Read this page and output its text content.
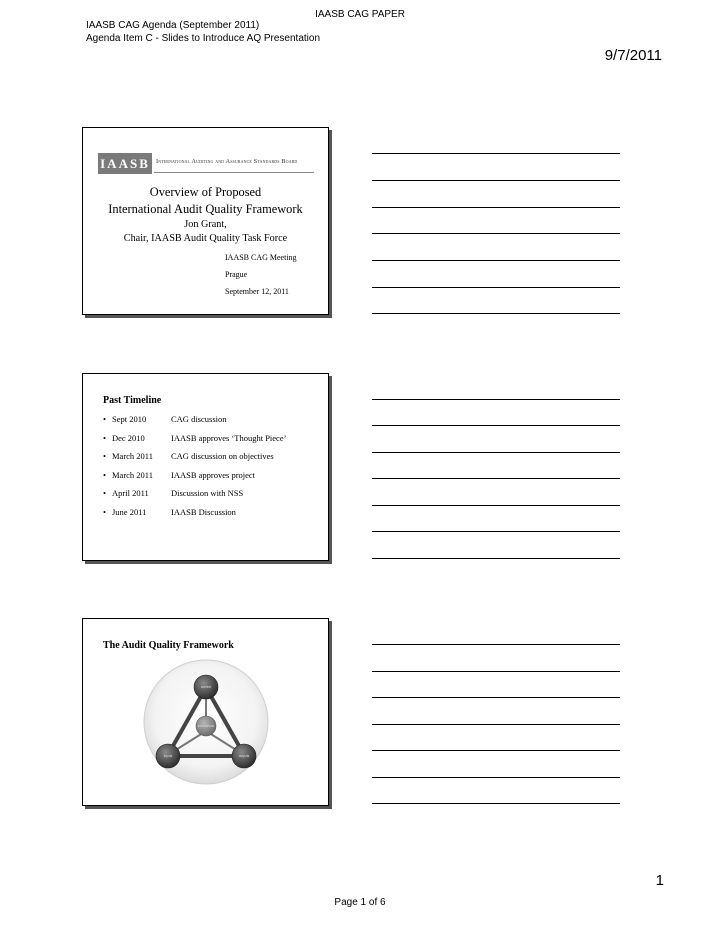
IAASB CAG PAPER
IAASB CAG Agenda (September 2011)
Agenda Item C - Slides to Introduce AQ Presentation
9/7/2011
IAASB International Auditing and Assurance Standards Board
Overview of Proposed
International Audit Quality Framework
Jon Grant,
Chair, IAASB Audit Quality Task Force
IAASB CAG Meeting
Prague
September 12, 2011
Past Timeline
• Sept 2010	CAG discussion
• Dec 2010	IAASB approves ‘Thought Piece’
• March 2011 CAG discussion on objectives
• March 2011 IAASB approves project
• April 2011	Discussion with NSS
• June 2011	IAASB Discussion
The Audit Quality Framework
context
interactions
inputs	outputs
1
Page 1 of 6
